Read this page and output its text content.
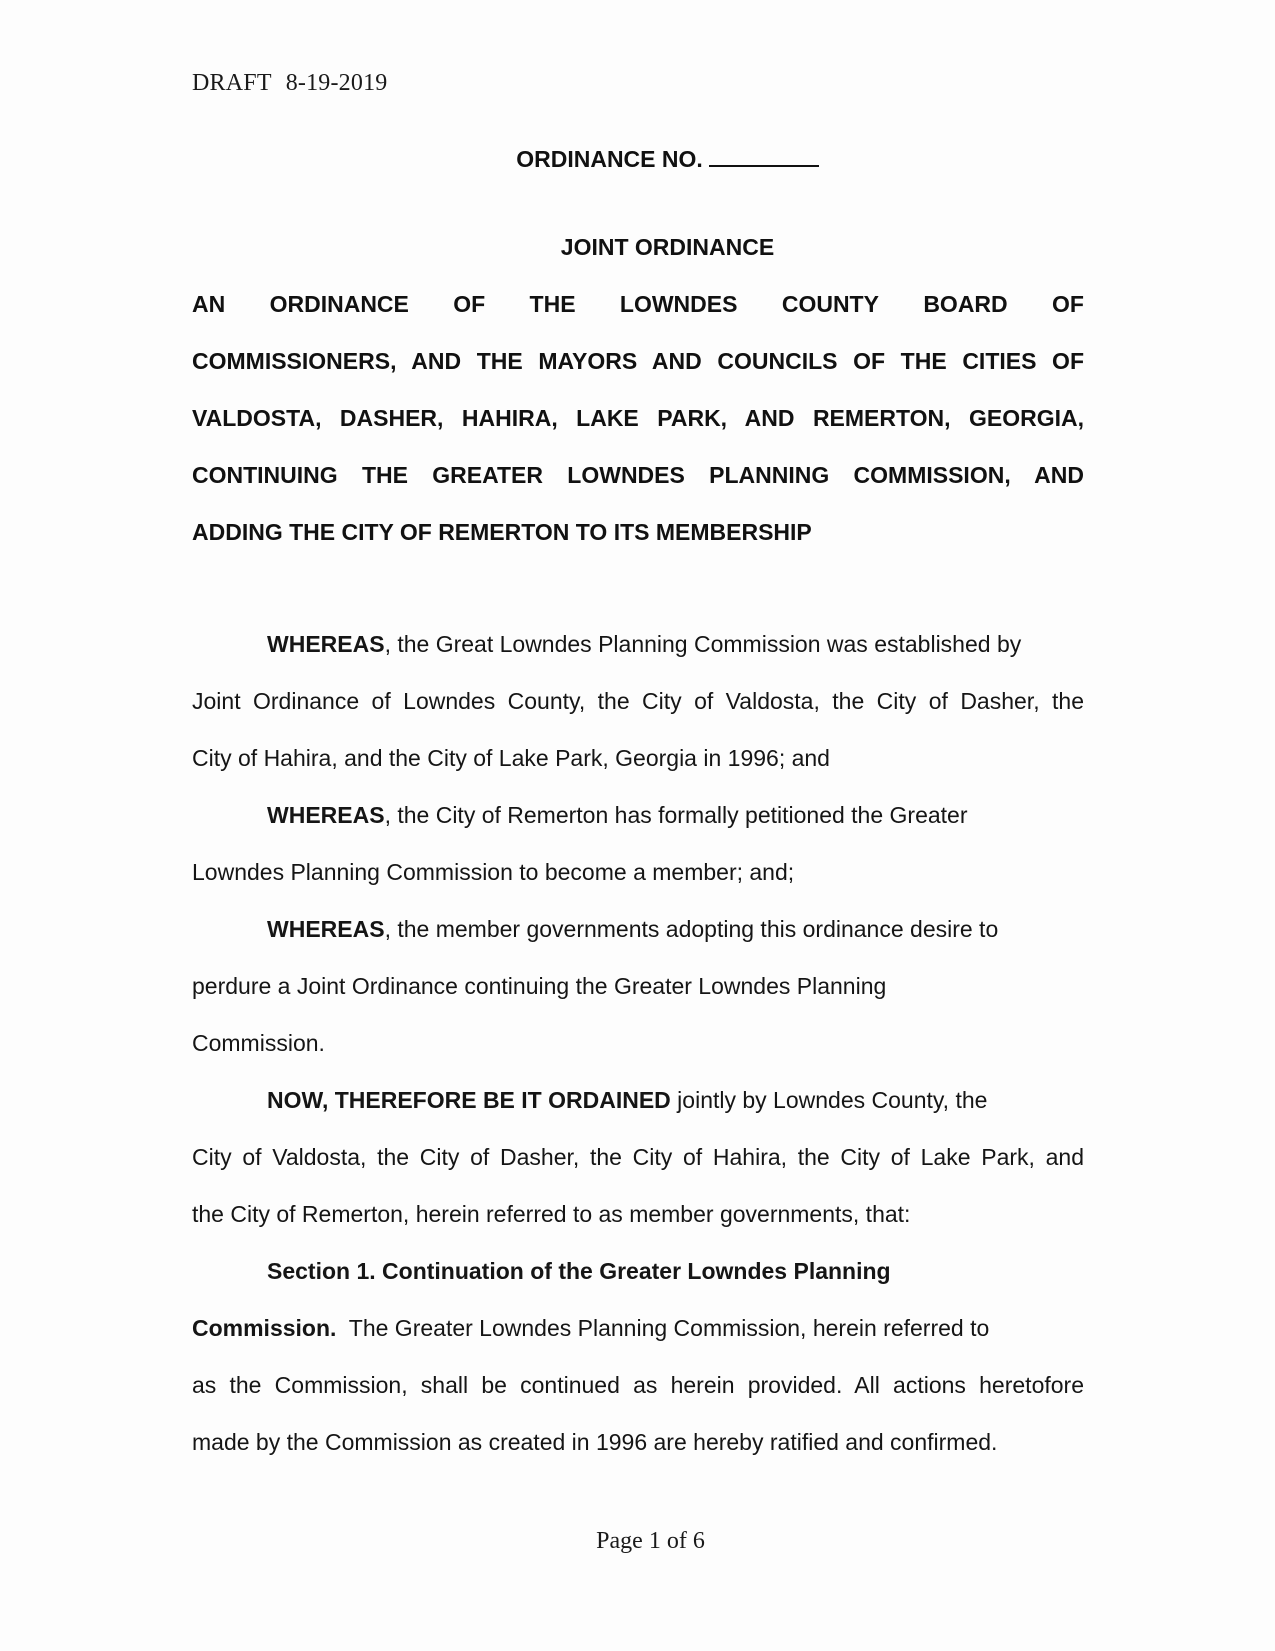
DRAFT 8-19-2019
ORDINANCE NO.
JOINT ORDINANCE
AN ORDINANCE OF THE LOWNDES COUNTY BOARD OF
COMMISSIONERS, AND THE MAYORS AND COUNCILS OF THE CITIES OF
VALDOSTA, DASHER, HAHIRA, LAKE PARK, AND REMERTON, GEORGIA,
CONTINUING THE GREATER LOWNDES PLANNING COMMISSION, AND
ADDING THE CITY OF REMERTON TO ITS MEMBERSHIP
WHEREAS, the Great Lowndes Planning Commission was established by
Joint Ordinance of Lowndes County, the City of Valdosta, the City of Dasher, the
City of Hahira, and the City of Lake Park, Georgia in 1996; and
WHEREAS, the City of Remerton has formally petitioned the Greater
Lowndes Planning Commission to become a member; and;
WHEREAS, the member governments adopting this ordinance desire to
perdure a Joint Ordinance continuing the Greater Lowndes Planning
Commission.
NOW, THEREFORE BE IT ORDAINED jointly by Lowndes County, the
City of Valdosta, the City of Dasher, the City of Hahira, the City of Lake Park, and
the City of Remerton, herein referred to as member governments, that:
Section 1. Continuation of the Greater Lowndes Planning
Commission.  The Greater Lowndes Planning Commission, herein referred to
as the Commission, shall be continued as herein provided. All actions heretofore
made by the Commission as created in 1996 are hereby ratified and confirmed.
Page 1 of 6
